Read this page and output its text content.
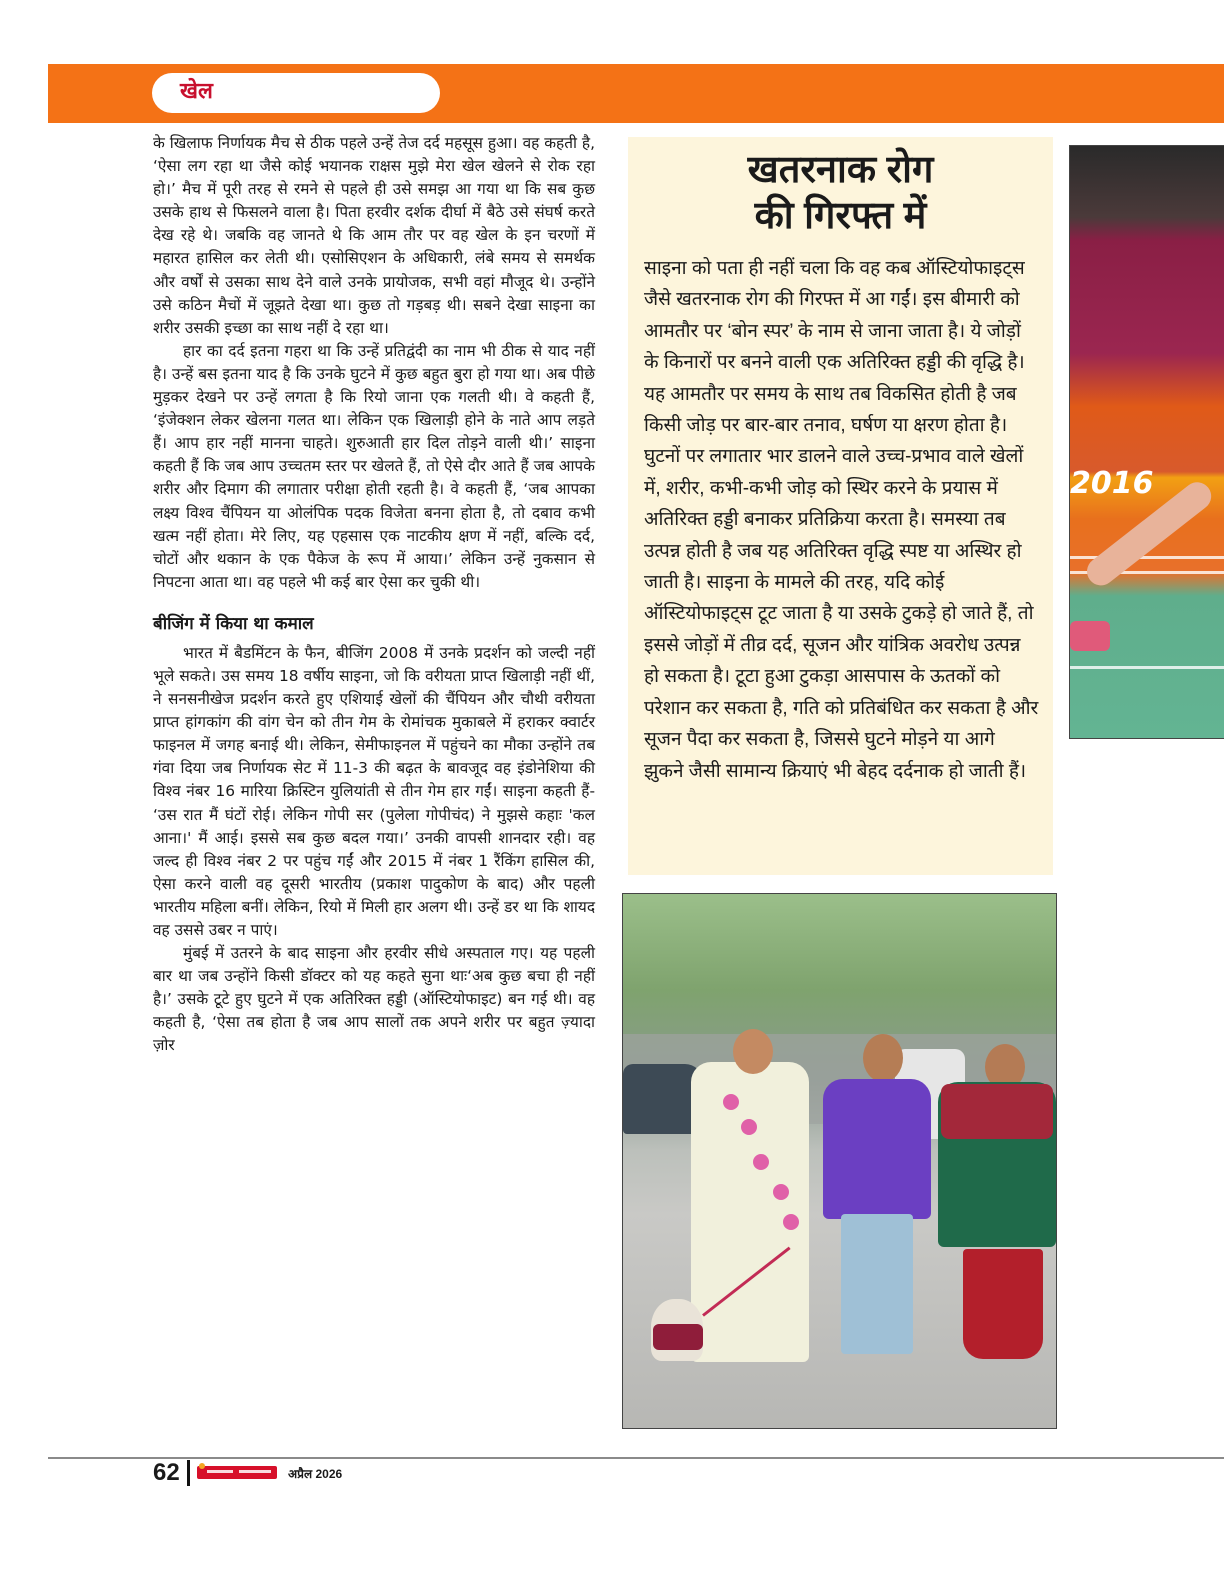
खेल

के खिलाफ निर्णायक मैच से ठीक पहले उन्हें तेज दर्द महसूस हुआ। वह कहती है, ‘ऐसा लग रहा था जैसे कोई भयानक राक्षस मुझे मेरा खेल खेलने से रोक रहा हो।’ मैच में पूरी तरह से रमने से पहले ही उसे समझ आ गया था कि सब कुछ उसके हाथ से फिसलने वाला है। पिता हरवीर दर्शक दीर्घा में बैठे उसे संघर्ष करते देख रहे थे। जबकि वह जानते थे कि आम तौर पर वह खेल के इन चरणों में महारत हासिल कर लेती थी। एसोसिएशन के अधिकारी, लंबे समय से समर्थक और वर्षों से उसका साथ देने वाले उनके प्रायोजक, सभी वहां मौजूद थे। उन्होंने उसे कठिन मैचों में जूझते देखा था। कुछ तो गड़बड़ थी। सबने देखा साइना का शरीर उसकी इच्छा का साथ नहीं दे रहा था।

हार का दर्द इतना गहरा था कि उन्हें प्रतिद्वंदी का नाम भी ठीक से याद नहीं है। उन्हें बस इतना याद है कि उनके घुटने में कुछ बहुत बुरा हो गया था। अब पीछे मुड़कर देखने पर उन्हें लगता है कि रियो जाना एक गलती थी। वे कहती हैं, ‘इंजेक्शन लेकर खेलना गलत था। लेकिन एक खिलाड़ी होने के नाते आप लड़ते हैं। आप हार नहीं मानना चाहते। शुरुआती हार दिल तोड़ने वाली थी।’ साइना कहती हैं कि जब आप उच्चतम स्तर पर खेलते हैं, तो ऐसे दौर आते हैं जब आपके शरीर और दिमाग की लगातार परीक्षा होती रहती है। वे कहती हैं, ‘जब आपका लक्ष्य विश्व चैंपियन या ओलंपिक पदक विजेता बनना होता है, तो दबाव कभी खत्म नहीं होता। मेरे लिए, यह एहसास एक नाटकीय क्षण में नहीं, बल्कि दर्द, चोटों और थकान के एक पैकेज के रूप में आया।’ लेकिन उन्हें नुकसान से निपटना आता था। वह पहले भी कई बार ऐसा कर चुकी थी।

बीजिंग में किया था कमाल

भारत में बैडमिंटन के फैन, बीजिंग 2008 में उनके प्रदर्शन को जल्दी नहीं भूले सकते। उस समय 18 वर्षीय साइना, जो कि वरीयता प्राप्त खिलाड़ी नहीं थीं, ने सनसनीखेज प्रदर्शन करते हुए एशियाई खेलों की चैंपियन और चौथी वरीयता प्राप्त हांगकांग की वांग चेन को तीन गेम के रोमांचक मुकाबले में हराकर क्वार्टर फाइनल में जगह बनाई थी। लेकिन, सेमीफाइनल में पहुंचने का मौका उन्होंने तब गंवा दिया जब निर्णायक सेट में 11-3 की बढ़त के बावजूद वह इंडोनेशिया की विश्व नंबर 16 मारिया क्रिस्टिन युलियांती से तीन गेम हार गईं। साइना कहती हैं- ‘उस रात मैं घंटों रोई। लेकिन गोपी सर (पुलेला गोपीचंद) ने मुझसे कहाः 'कल आना।' मैं आई। इससे सब कुछ बदल गया।’ उनकी वापसी शानदार रही। वह जल्द ही विश्व नंबर 2 पर पहुंच गईं और 2015 में नंबर 1 रैंकिंग हासिल की, ऐसा करने वाली वह दूसरी भारतीय (प्रकाश पादुकोण के बाद) और पहली भारतीय महिला बनीं। लेकिन, रियो में मिली हार अलग थी। उन्हें डर था कि शायद वह उससे उबर न पाएं।

मुंबई में उतरने के बाद साइना और हरवीर सीधे अस्पताल गए। यह पहली बार था जब उन्होंने किसी डॉक्टर को यह कहते सुना थाः‘अब कुछ बचा ही नहीं है।’ उसके टूटे हुए घुटने में एक अतिरिक्त हड्डी (ऑस्टियोफाइट) बन गई थी। वह कहती है, ‘ऐसा तब होता है जब आप सालों तक अपने शरीर पर बहुत ज़्यादा ज़ोर

खतरनाक रोग
की गिरफ्त में
साइना को पता ही नहीं चला कि वह कब ऑस्टियोफाइट्स जैसे खतरनाक रोग की गिरफ्त में आ गईं। इस बीमारी को आमतौर पर ‘बोन स्पर’ के नाम से जाना जाता है। ये जोड़ों के किनारों पर बनने वाली एक अतिरिक्त हड्डी की वृद्धि है। यह आमतौर पर समय के साथ तब विकसित होती है जब किसी जोड़ पर बार-बार तनाव, घर्षण या क्षरण होता है। घुटनों पर लगातार भार डालने वाले उच्च-प्रभाव वाले खेलों में, शरीर, कभी-कभी जोड़ को स्थिर करने के प्रयास में अतिरिक्त हड्डी बनाकर प्रतिक्रिया करता है। समस्या तब उत्पन्न होती है जब यह अतिरिक्त वृद्धि स्पष्ट या अस्थिर हो जाती है। साइना के मामले की तरह, यदि कोई ऑस्टियोफाइट्स टूट जाता है या उसके टुकड़े हो जाते हैं, तो इससे जोड़ों में तीव्र दर्द, सूजन और यांत्रिक अवरोध उत्पन्न हो सकता है। टूटा हुआ टुकड़ा आसपास के ऊतकों को परेशान कर सकता है, गति को प्रतिबंधित कर सकता है और सूजन पैदा कर सकता है, जिससे घुटने मोड़ने या आगे झुकने जैसी सामान्य क्रियाएं भी बेहद दर्दनाक हो जाती हैं।
2016
62	अप्रैल 2026
